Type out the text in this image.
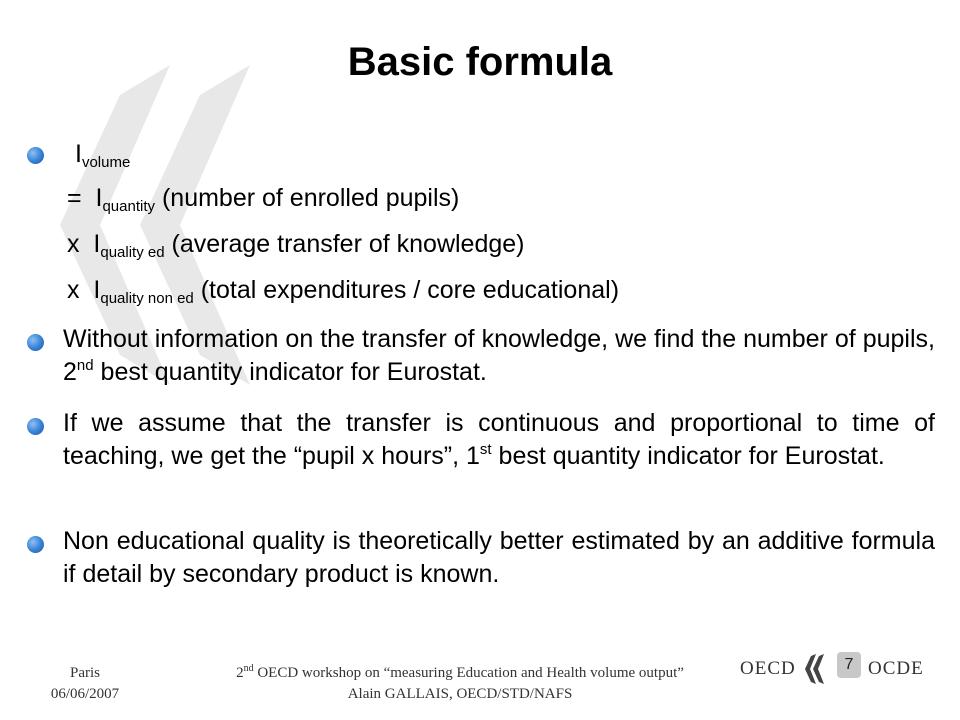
Basic formula
$I_{volume}$
= $I_{quantity}$ (number of enrolled pupils)
x $I_{quality ed}$ (average transfer of knowledge)
x $I_{quality non ed}$ (total expenditures / core educational)
Without information on the transfer of knowledge, we find the number of pupils, 2nd best quantity indicator for Eurostat.
If we assume that the transfer is continuous and proportional to time of teaching, we get the “pupil x hours”, 1st best quantity indicator for Eurostat.
Non educational quality is theoretically better estimated by an additive formula if detail by secondary product is known.
Paris
06/06/2007
2nd OECD workshop on “measuring Education and Health volume output”
Alain GALLAIS, OECD/STD/NAFS
OECD	7 OCDE
